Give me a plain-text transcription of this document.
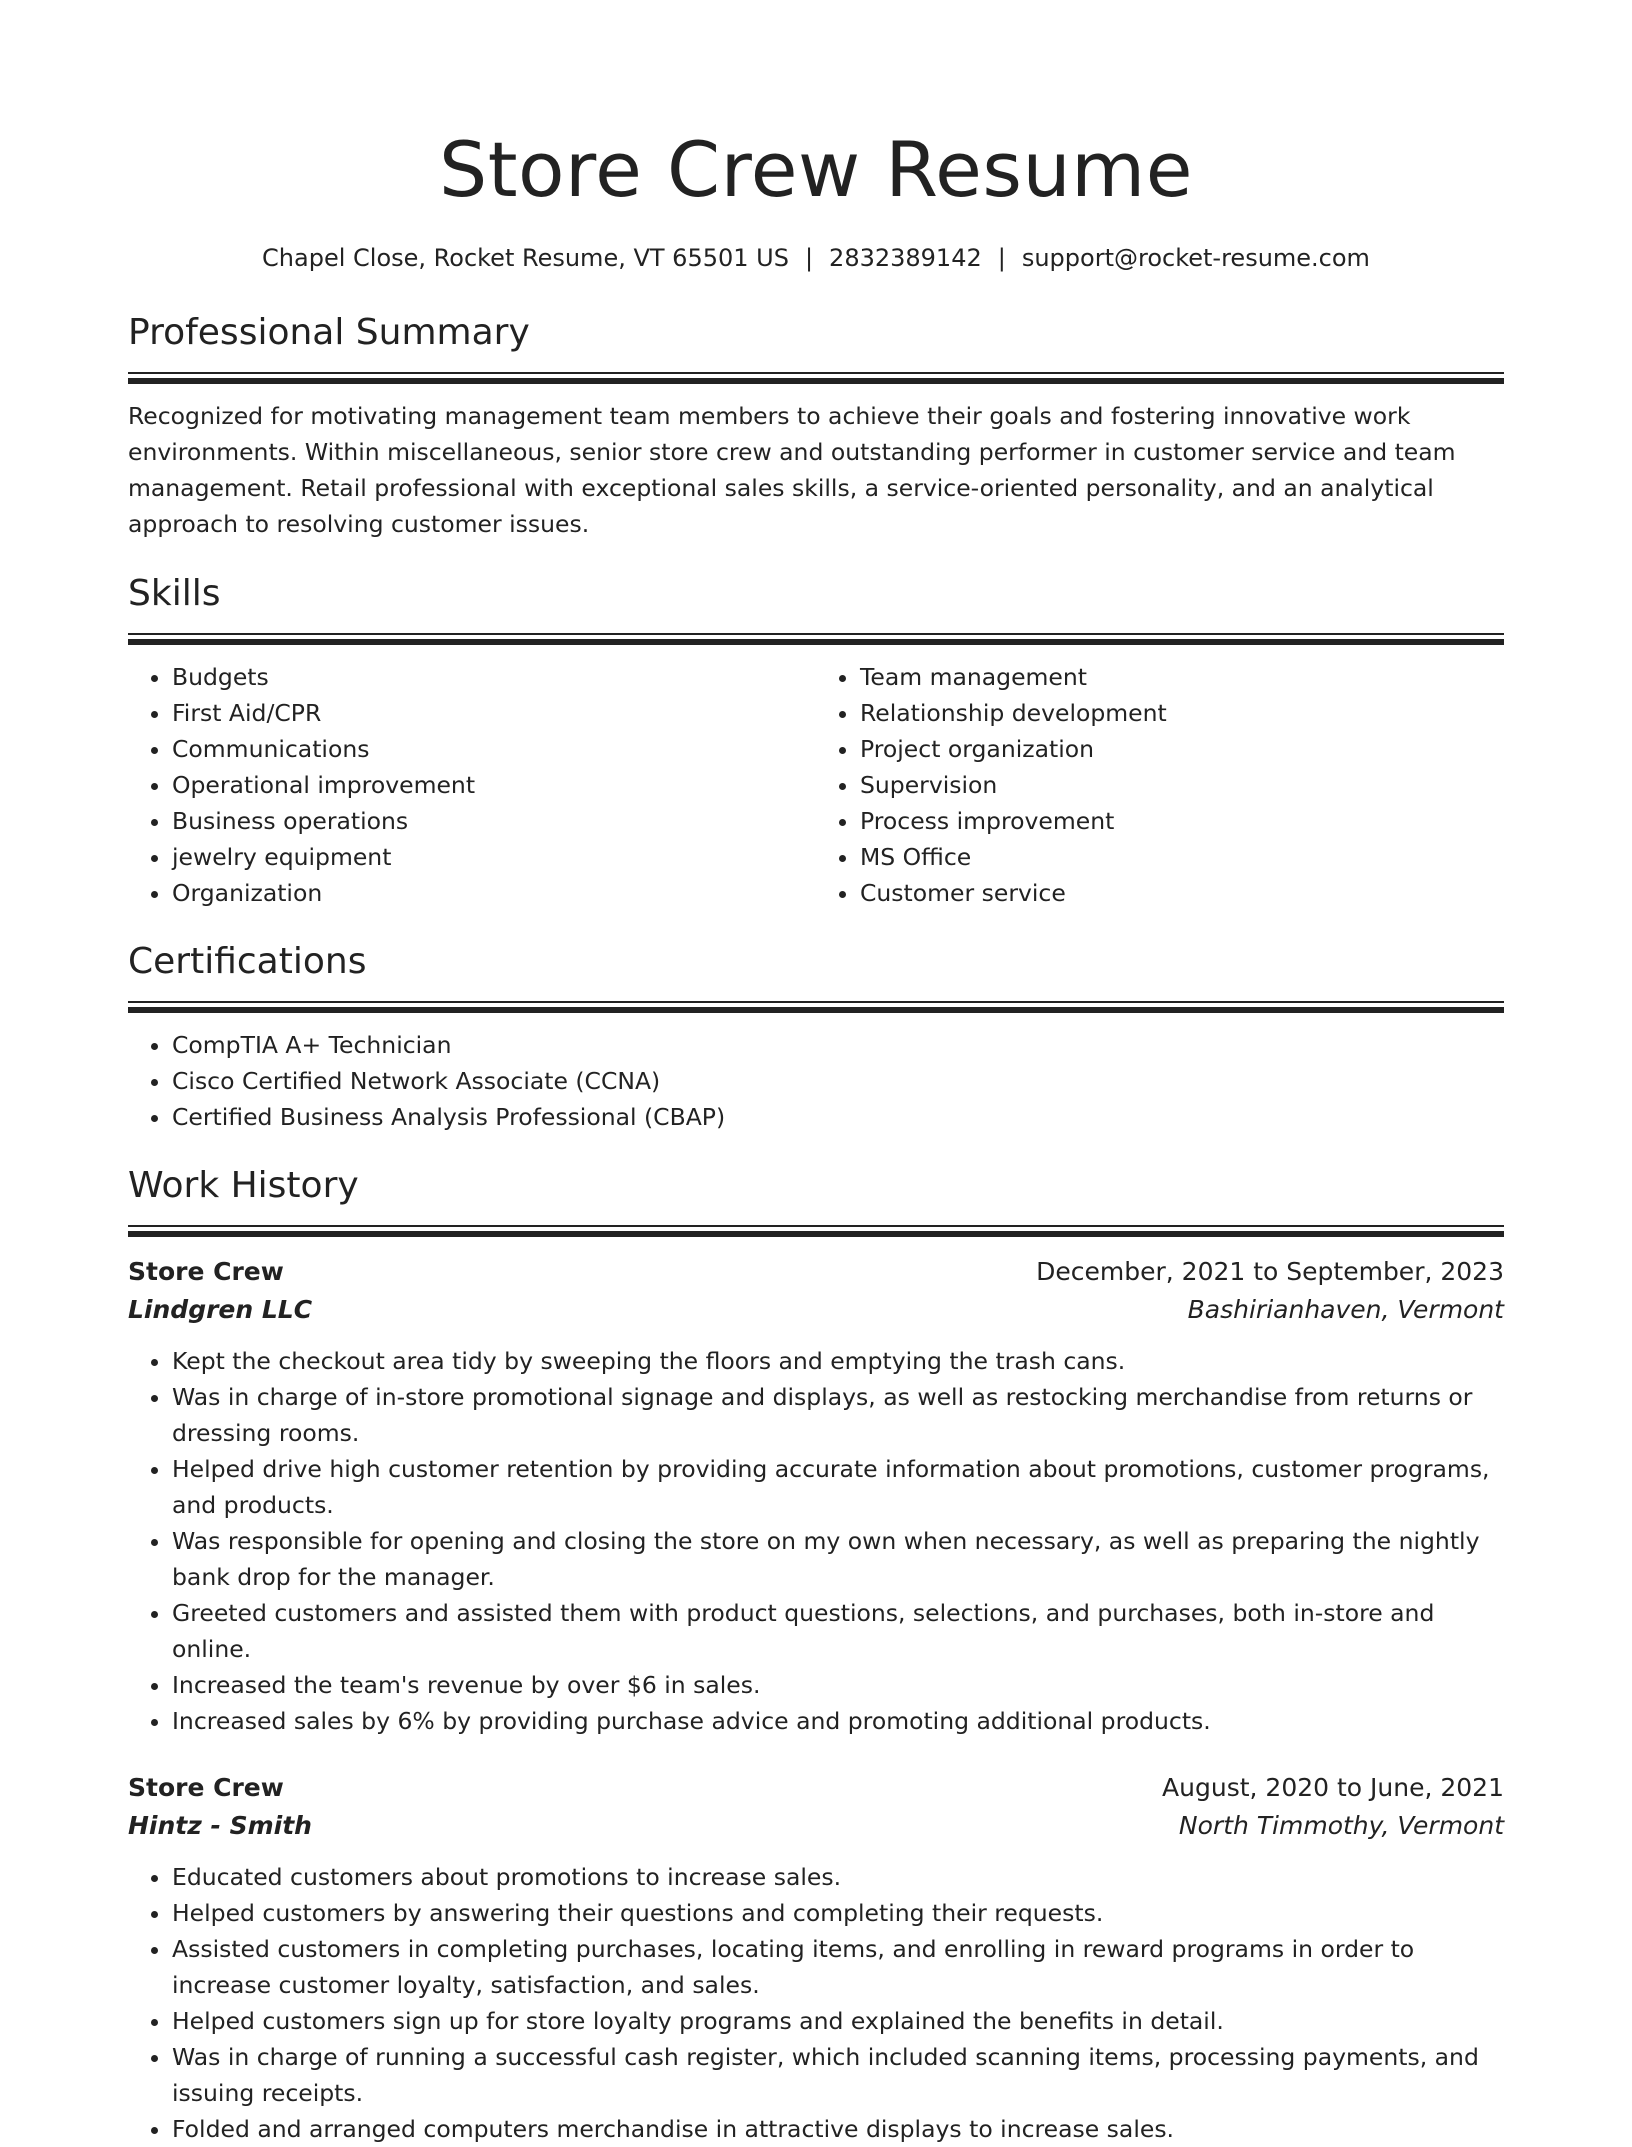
Store Crew Resume
Chapel Close, Rocket Resume, VT 65501 US | 2832389142 | support@rocket-resume.com
Professional Summary
Recognized for motivating management team members to achieve their goals and fostering innovative work environments. Within miscellaneous, senior store crew and outstanding performer in customer service and team management. Retail professional with exceptional sales skills, a service-oriented personality, and an analytical approach to resolving customer issues.
Skills
• Budgets
• First Aid/CPR
• Communications
• Operational improvement
• Business operations
• jewelry equipment
• Organization
• Team management
• Relationship development
• Project organization
• Supervision
• Process improvement
• MS Office
• Customer service
Certifications
• CompTIA A+ Technician
• Cisco Certified Network Associate (CCNA)
• Certified Business Analysis Professional (CBAP)
Work History
Store Crew	December, 2021 to September, 2023
Lindgren LLC	Bashirianhaven, Vermont
• Kept the checkout area tidy by sweeping the floors and emptying the trash cans.
• Was in charge of in-store promotional signage and displays, as well as restocking merchandise from returns or dressing rooms.
• Helped drive high customer retention by providing accurate information about promotions, customer programs, and products.
• Was responsible for opening and closing the store on my own when necessary, as well as preparing the nightly bank drop for the manager.
• Greeted customers and assisted them with product questions, selections, and purchases, both in-store and online.
• Increased the team's revenue by over $6 in sales.
• Increased sales by 6% by providing purchase advice and promoting additional products.
Store Crew	August, 2020 to June, 2021
Hintz - Smith	North Timmothy, Vermont
• Educated customers about promotions to increase sales.
• Helped customers by answering their questions and completing their requests.
• Assisted customers in completing purchases, locating items, and enrolling in reward programs in order to increase customer loyalty, satisfaction, and sales.
• Helped customers sign up for store loyalty programs and explained the benefits in detail.
• Was in charge of running a successful cash register, which included scanning items, processing payments, and issuing receipts.
• Folded and arranged computers merchandise in attractive displays to increase sales.
